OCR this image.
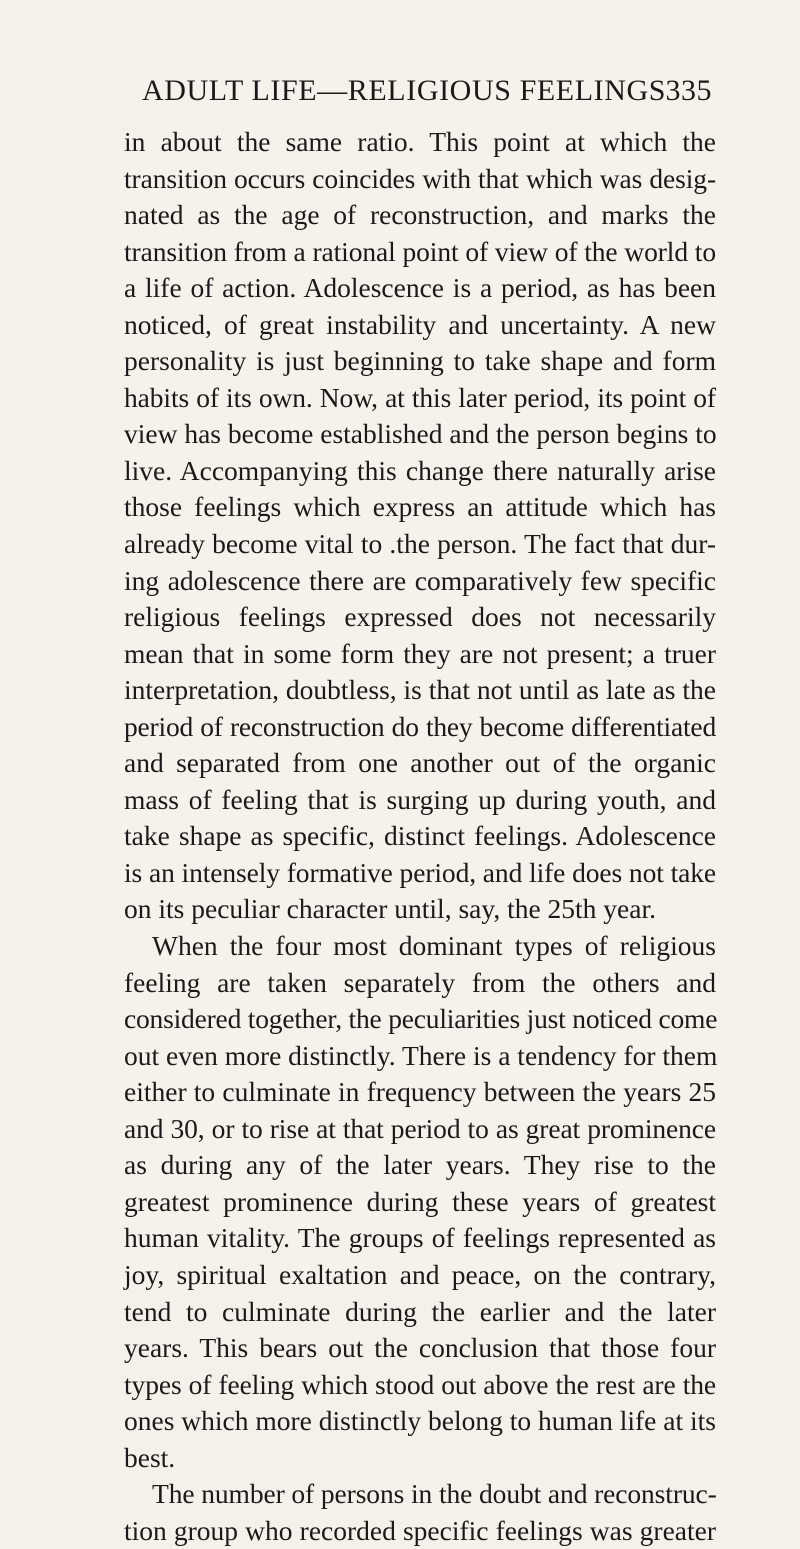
ADULT LIFE—RELIGIOUS FEELINGS 335
in about the same ratio. This point at which the
transition occurs coincides with that which was desig-
nated as the age of reconstruction, and marks the
transition from a rational point of view of the world to
a life of action. Adolescence is a period, as has been
noticed, of great instability and uncertainty. A new
personality is just beginning to take shape and form
habits of its own. Now, at this later period, its point of
view has become established and the person begins to
live. Accompanying this change there naturally arise
those feelings which express an attitude which has
already become vital to .the person. The fact that dur-
ing adolescence there are comparatively few specific
religious feelings expressed does not necessarily
mean that in some form they are not present; a truer
interpretation, doubtless, is that not until as late as the
period of reconstruction do they become differentiated
and separated from one another out of the organic
mass of feeling that is surging up during youth, and
take shape as specific, distinct feelings. Adolescence
is an intensely formative period, and life does not take
on its peculiar character until, say, the 25th year.
When the four most dominant types of religious
feeling are taken separately from the others and
considered together, the peculiarities just noticed come
out even more distinctly. There is a tendency for them
either to culminate in frequency between the years 25
and 30, or to rise at that period to as great prominence
as during any of the later years. They rise to the
greatest prominence during these years of greatest
human vitality. The groups of feelings represented as
joy, spiritual exaltation and peace, on the contrary,
tend to culminate during the earlier and the later
years. This bears out the conclusion that those four
types of feeling which stood out above the rest are the
ones which more distinctly belong to human life at its
best.
The number of persons in the doubt and reconstruc-
tion group who recorded specific feelings was greater
